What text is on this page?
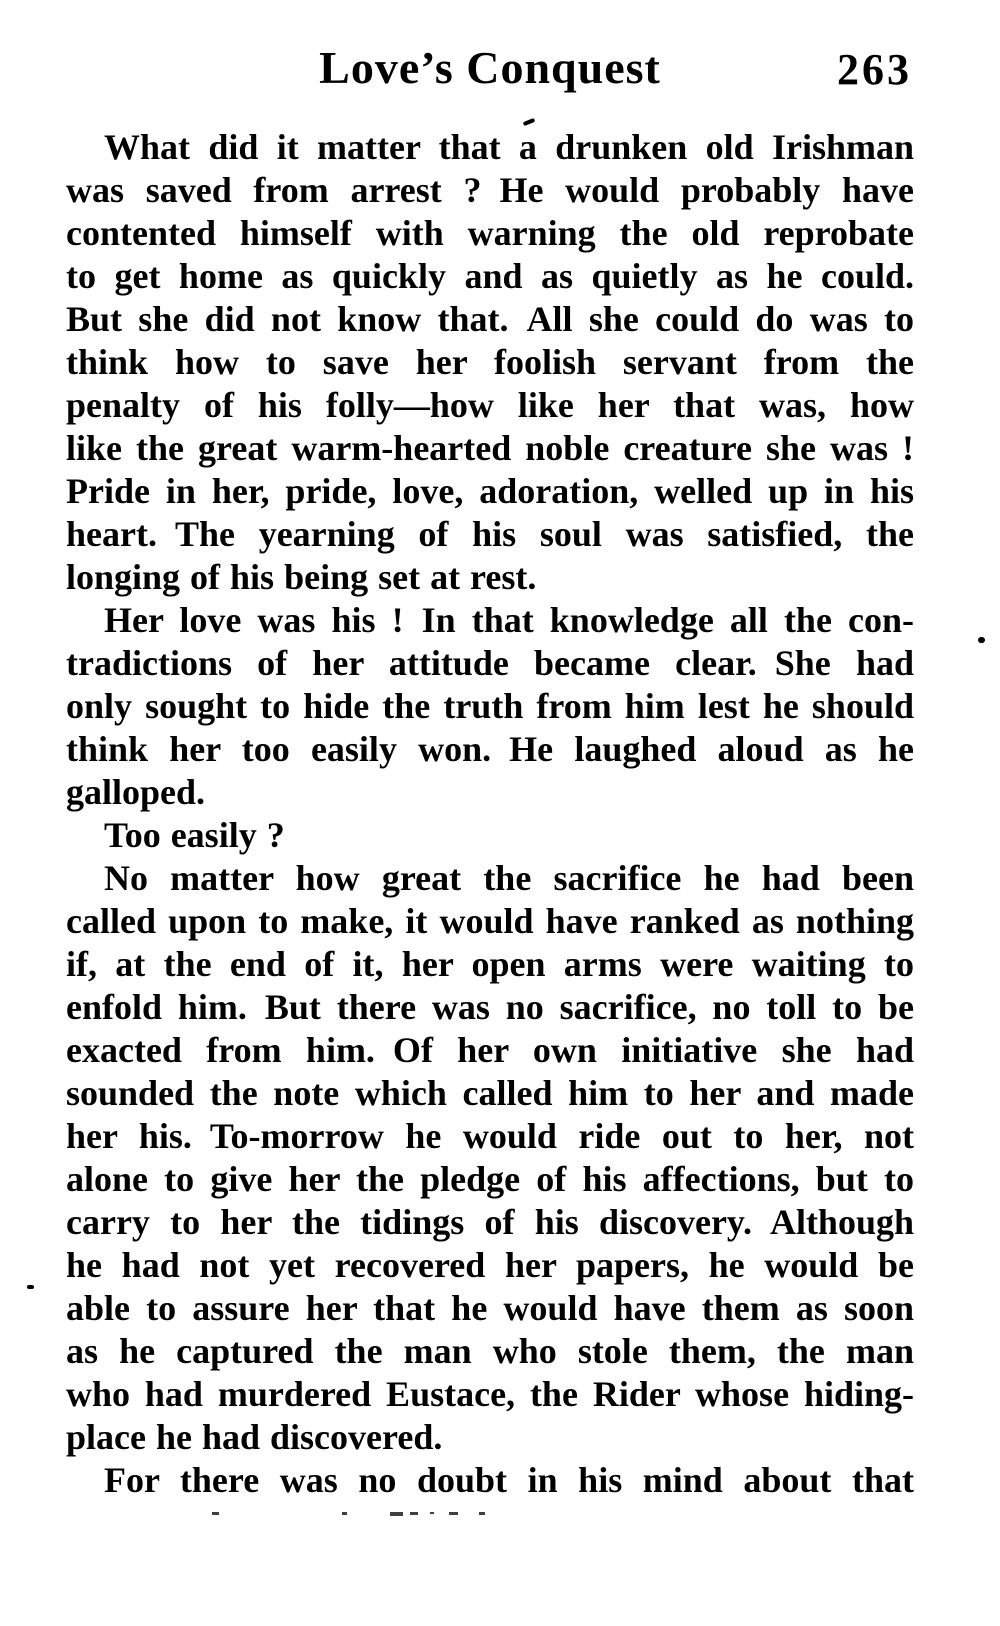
Love’s Conquest	263
What did it matter that a drunken old Irishman
was saved from arrest ? He would probably have
contented himself with warning the old reprobate
to get home as quickly and as quietly as he could.
But she did not know that. All she could do was to
think how to save her foolish servant from the
penalty of his folly—how like her that was, how
like the great warm-hearted noble creature she was !
Pride in her, pride, love, adoration, welled up in his
heart. The yearning of his soul was satisfied, the
longing of his being set at rest.
Her love was his ! In that knowledge all the con-
tradictions of her attitude became clear. She had
only sought to hide the truth from him lest he should
think her too easily won. He laughed aloud as he
galloped.
Too easily ?
No matter how great the sacrifice he had been
called upon to make, it would have ranked as nothing
if, at the end of it, her open arms were waiting to
enfold him. But there was no sacrifice, no toll to be
exacted from him. Of her own initiative she had
sounded the note which called him to her and made
her his. To-morrow he would ride out to her, not
alone to give her the pledge of his affections, but to
carry to her the tidings of his discovery. Although
he had not yet recovered her papers, he would be
able to assure her that he would have them as soon
as he captured the man who stole them, the man
who had murdered Eustace, the Rider whose hiding-
place he had discovered.
For there was no doubt in his mind about that
